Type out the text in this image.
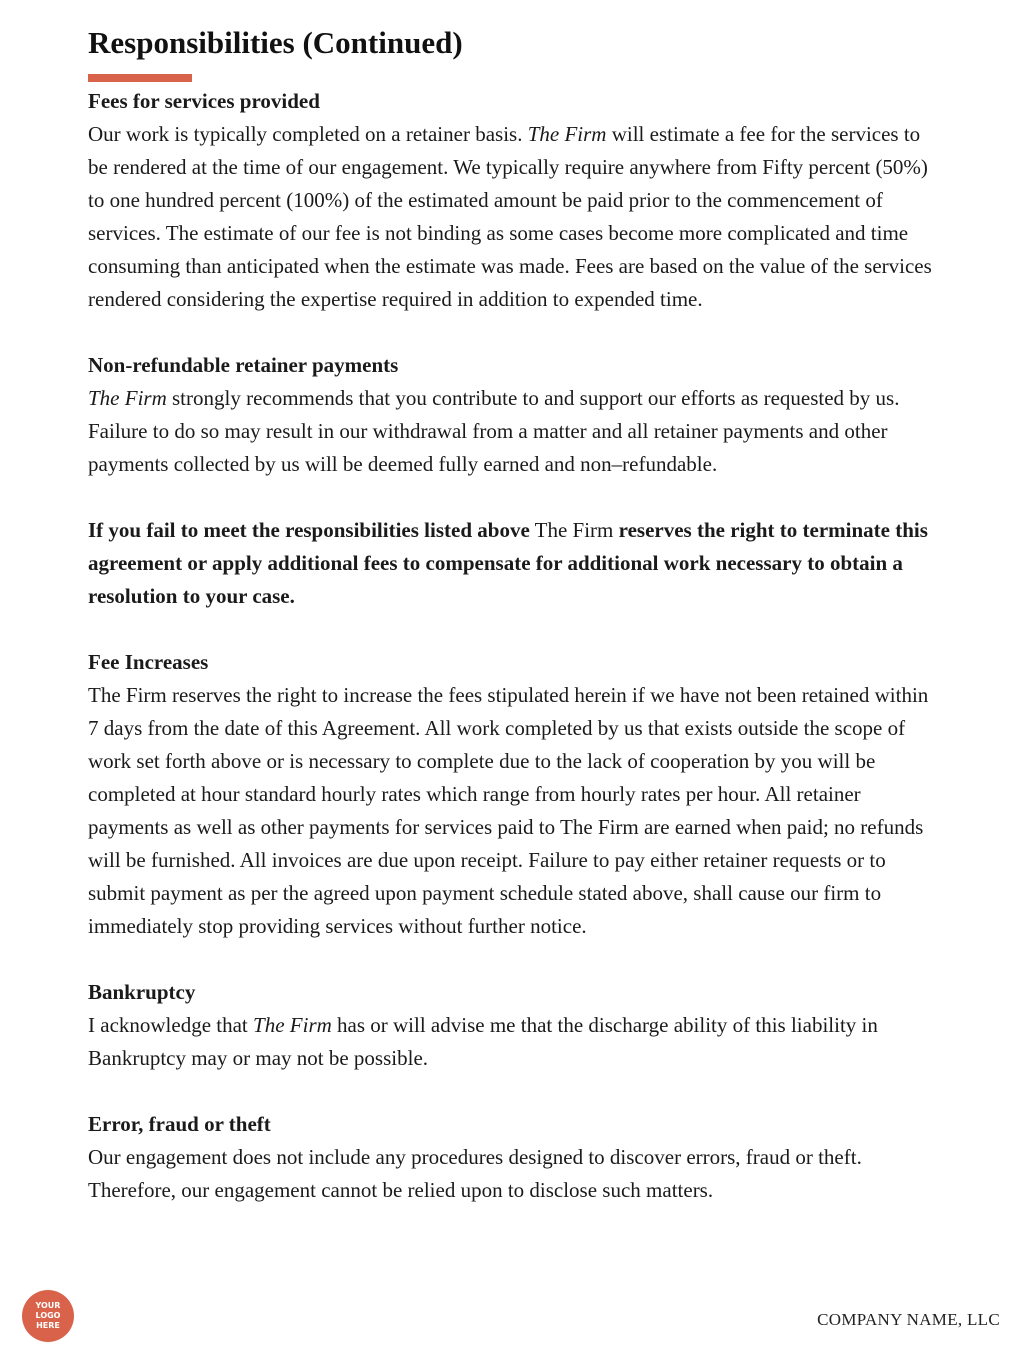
Responsibilities (Continued)
Fees for services provided

Our work is typically completed on a retainer basis. The Firm will estimate a fee for the services to be rendered at the time of our engagement. We typically require anywhere from Fifty percent (50%) to one hundred percent (100%) of the estimated amount be paid prior to the commencement of services. The estimate of our fee is not binding as some cases become more complicated and time consuming than anticipated when the estimate was made. Fees are based on the value of the services rendered considering the expertise required in addition to expended time.

Non-refundable retainer payments

The Firm strongly recommends that you contribute to and support our efforts as requested by us. Failure to do so may result in our withdrawal from a matter and all retainer payments and other payments collected by us will be deemed fully earned and non–refundable.

If you fail to meet the responsibilities listed above The Firm reserves the right to terminate this agreement or apply additional fees to compensate for additional work necessary to obtain a resolution to your case.

Fee Increases

The Firm reserves the right to increase the fees stipulated herein if we have not been retained within 7 days from the date of this Agreement. All work completed by us that exists outside the scope of work set forth above or is necessary to complete due to the lack of cooperation by you will be completed at hour standard hourly rates which range from hourly rates per hour. All retainer payments as well as other payments for services paid to The Firm are earned when paid; no refunds will be furnished. All invoices are due upon receipt. Failure to pay either retainer requests or to submit payment as per the agreed upon payment schedule stated above, shall cause our firm to immediately stop providing services without further notice.

Bankruptcy

I acknowledge that The Firm has or will advise me that the discharge ability of this liability in Bankruptcy may or may not be possible.

Error, fraud or theft

Our engagement does not include any procedures designed to discover errors, fraud or theft. Therefore, our engagement cannot be relied upon to disclose such matters.

YOUR
LOGO
HERE	COMPANY NAME, LLC
